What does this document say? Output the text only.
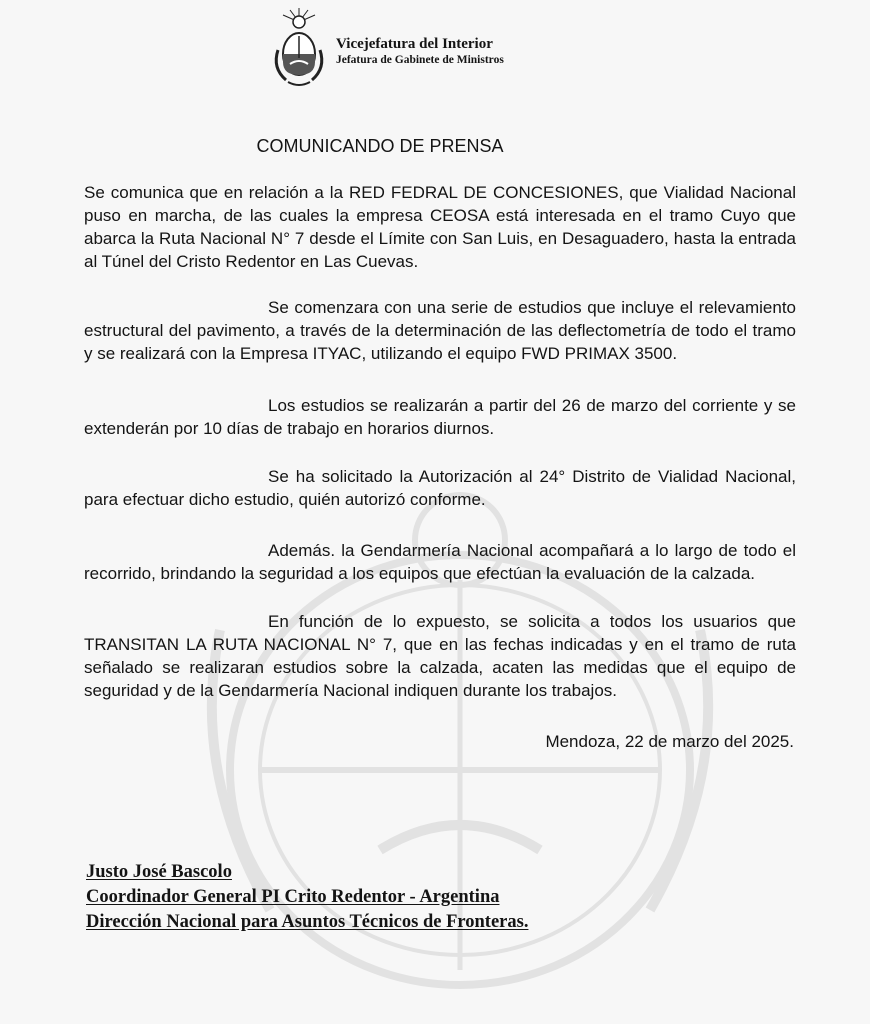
Vicejefatura del Interior
Jefatura de Gabinete de Ministros
COMUNICANDO DE PRENSA

Se comunica que en relación a la RED FEDRAL DE CONCESIONES, que Vialidad Nacional puso en marcha, de las cuales la empresa CEOSA está interesada en el tramo Cuyo que abarca la Ruta Nacional N° 7 desde el Límite con San Luis, en Desaguadero, hasta la entrada al Túnel del Cristo Redentor en Las Cuevas.

Se comenzara con una serie de estudios que incluye el relevamiento estructural del pavimento, a través de la determinación de las deflectometría de todo el tramo y se realizará con la Empresa ITYAC, utilizando el equipo FWD PRIMAX 3500.

Los estudios se realizarán a partir del 26 de marzo del corriente y se extenderán por 10 días de trabajo en horarios diurnos.

Se ha solicitado la Autorización al 24° Distrito de Vialidad Nacional, para efectuar dicho estudio, quién autorizó conforme.

Además. la Gendarmería Nacional acompañará a lo largo de todo el recorrido, brindando la seguridad a los equipos que efectúan la evaluación de la calzada.

En función de lo expuesto, se solicita a todos los usuarios que TRANSITAN LA RUTA NACIONAL N° 7, que en las fechas indicadas y en el tramo de ruta señalado se realizaran estudios sobre la calzada, acaten las medidas que el equipo de seguridad y de la Gendarmería Nacional indiquen durante los trabajos.

Mendoza, 22 de marzo del 2025.
Justo José Bascolo
Coordinador General PI Crito Redentor - Argentina
Dirección Nacional para Asuntos Técnicos de Fronteras.
